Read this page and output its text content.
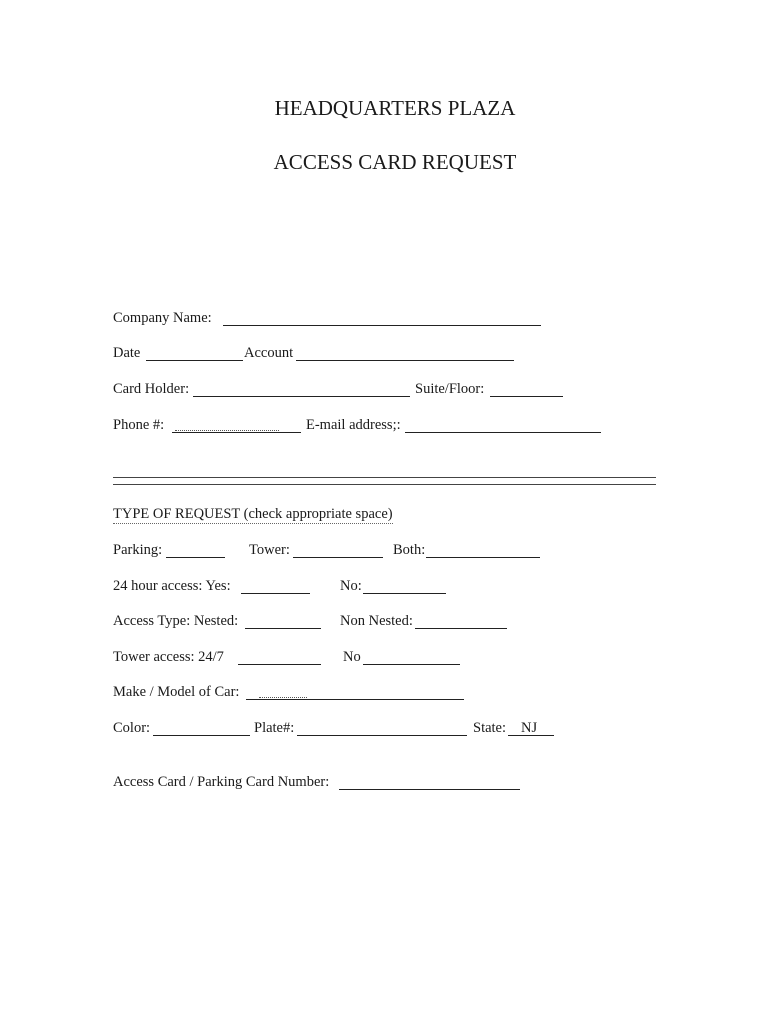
HEADQUARTERS PLAZA
ACCESS CARD REQUEST
Company Name:
Date	Account
Card Holder:	Suite/Floor:
Phone #:	E-mail address;:
TYPE OF REQUEST (check appropriate space)
Parking:	Tower:	Both:
24 hour access: Yes:	No:
Access Type: Nested:	Non Nested:
Tower access: 24/7	No
Make / Model of Car:
Color:	Plate#:	State: NJ
Access Card / Parking Card Number:
